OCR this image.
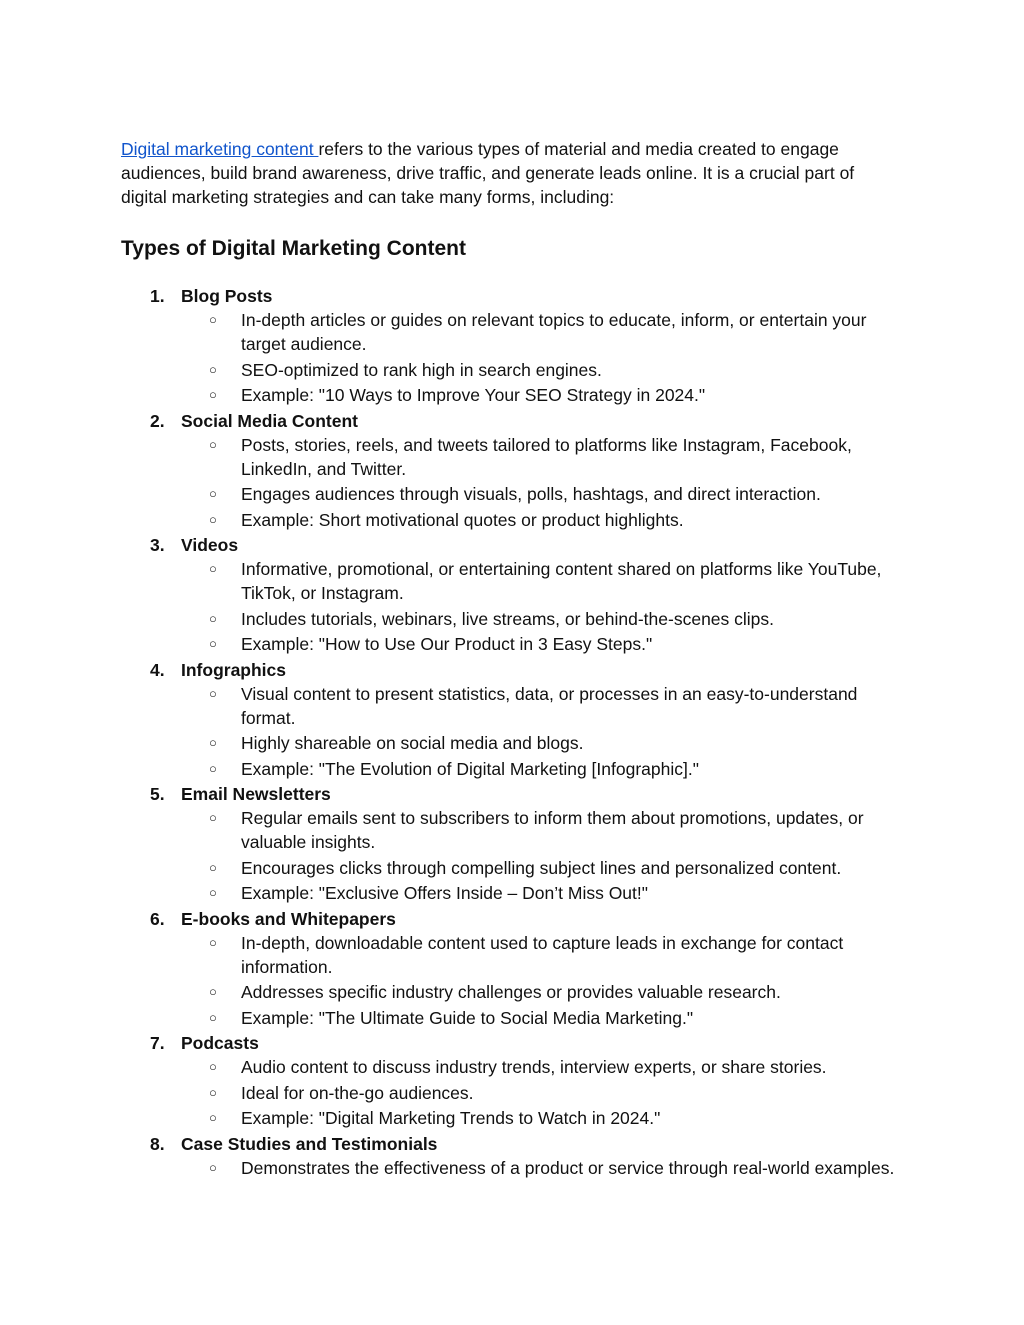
Digital marketing content refers to the various types of material and media created to engage audiences, build brand awareness, drive traffic, and generate leads online. It is a crucial part of digital marketing strategies and can take many forms, including:

Types of Digital Marketing Content
1. Blog Posts
○ In-depth articles or guides on relevant topics to educate, inform, or entertain your target audience.
○ SEO-optimized to rank high in search engines.
○ Example: "10 Ways to Improve Your SEO Strategy in 2024."
2. Social Media Content
○ Posts, stories, reels, and tweets tailored to platforms like Instagram, Facebook, LinkedIn, and Twitter.
○ Engages audiences through visuals, polls, hashtags, and direct interaction.
○ Example: Short motivational quotes or product highlights.
3. Videos
○ Informative, promotional, or entertaining content shared on platforms like YouTube, TikTok, or Instagram.
○ Includes tutorials, webinars, live streams, or behind-the-scenes clips.
○ Example: "How to Use Our Product in 3 Easy Steps."
4. Infographics
○ Visual content to present statistics, data, or processes in an easy-to-understand format.
○ Highly shareable on social media and blogs.
○ Example: "The Evolution of Digital Marketing [Infographic]."
5. Email Newsletters
○ Regular emails sent to subscribers to inform them about promotions, updates, or valuable insights.
○ Encourages clicks through compelling subject lines and personalized content.
○ Example: "Exclusive Offers Inside – Don’t Miss Out!"
6. E-books and Whitepapers
○ In-depth, downloadable content used to capture leads in exchange for contact information.
○ Addresses specific industry challenges or provides valuable research.
○ Example: "The Ultimate Guide to Social Media Marketing."
7. Podcasts
○ Audio content to discuss industry trends, interview experts, or share stories.
○ Ideal for on-the-go audiences.
○ Example: "Digital Marketing Trends to Watch in 2024."
8. Case Studies and Testimonials
○ Demonstrates the effectiveness of a product or service through real-world examples.
